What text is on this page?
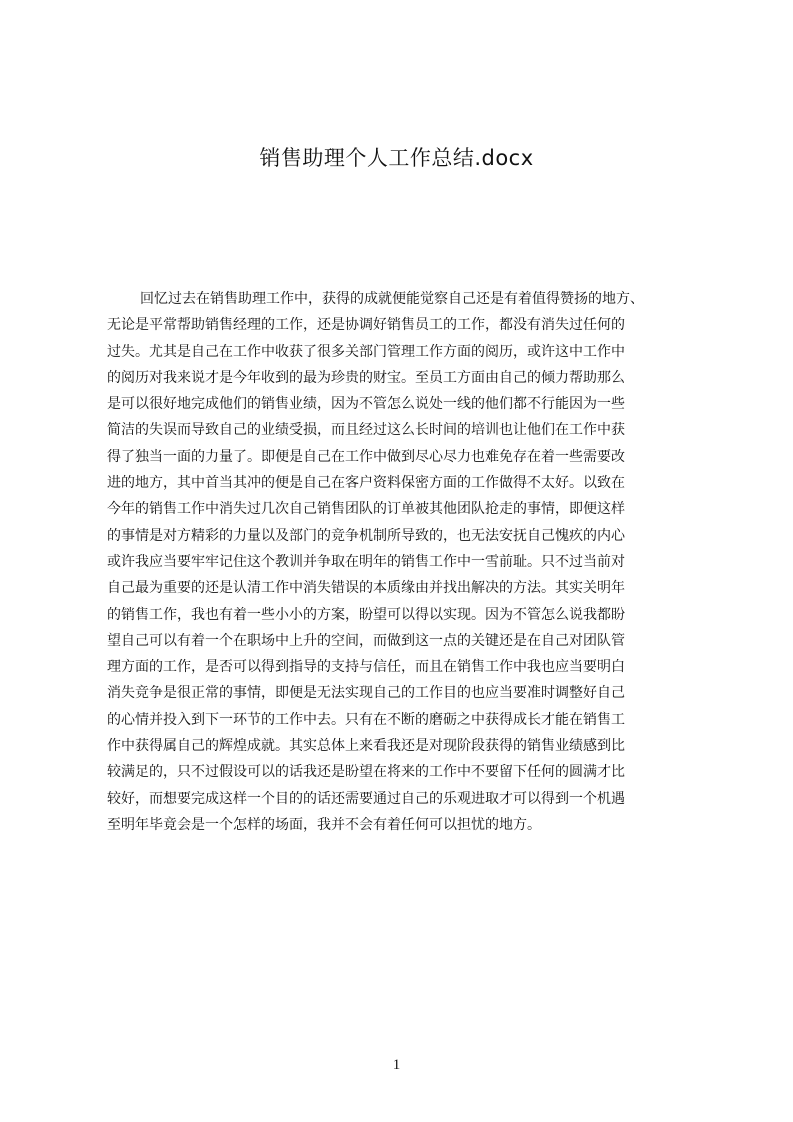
销售助理个人工作总结.docx
回忆过去在销售助理工作中，获得的成就便能觉察自己还是有着值得赞扬的地方、
无论是平常帮助销售经理的工作，还是协调好销售员工的工作，都没有消失过任何的
过失。尤其是自己在工作中收获了很多关部门管理工作方面的阅历，或许这中工作中
的阅历对我来说才是今年收到的最为珍贵的财宝。至员工方面由自己的倾力帮助那么
是可以很好地完成他们的销售业绩，因为不管怎么说处一线的他们都不行能因为一些
简洁的失误而导致自己的业绩受损，而且经过这么长时间的培训也让他们在工作中获
得了独当一面的力量了。即便是自己在工作中做到尽心尽力也难免存在着一些需要改
进的地方，其中首当其冲的便是自己在客户资料保密方面的工作做得不太好。以致在
今年的销售工作中消失过几次自己销售团队的订单被其他团队抢走的事情，即便这样
的事情是对方精彩的力量以及部门的竞争机制所导致的，也无法安抚自己愧疚的内心
或许我应当要牢牢记住这个教训并争取在明年的销售工作中一雪前耻。只不过当前对
自己最为重要的还是认清工作中消失错误的本质缘由并找出解决的方法。其实关明年
的销售工作，我也有着一些小小的方案，盼望可以得以实现。因为不管怎么说我都盼
望自己可以有着一个在职场中上升的空间，而做到这一点的关键还是在自己对团队管
理方面的工作，是否可以得到指导的支持与信任，而且在销售工作中我也应当要明白
消失竞争是很正常的事情，即便是无法实现自己的工作目的也应当要准时调整好自己
的心情并投入到下一环节的工作中去。只有在不断的磨砺之中获得成长才能在销售工
作中获得属自己的辉煌成就。其实总体上来看我还是对现阶段获得的销售业绩感到比
较满足的，只不过假设可以的话我还是盼望在将来的工作中不要留下任何的圆满才比
较好，而想要完成这样一个目的的话还需要通过自己的乐观进取才可以得到一个机遇
至明年毕竟会是一个怎样的场面，我并不会有着任何可以担忧的地方。
1
